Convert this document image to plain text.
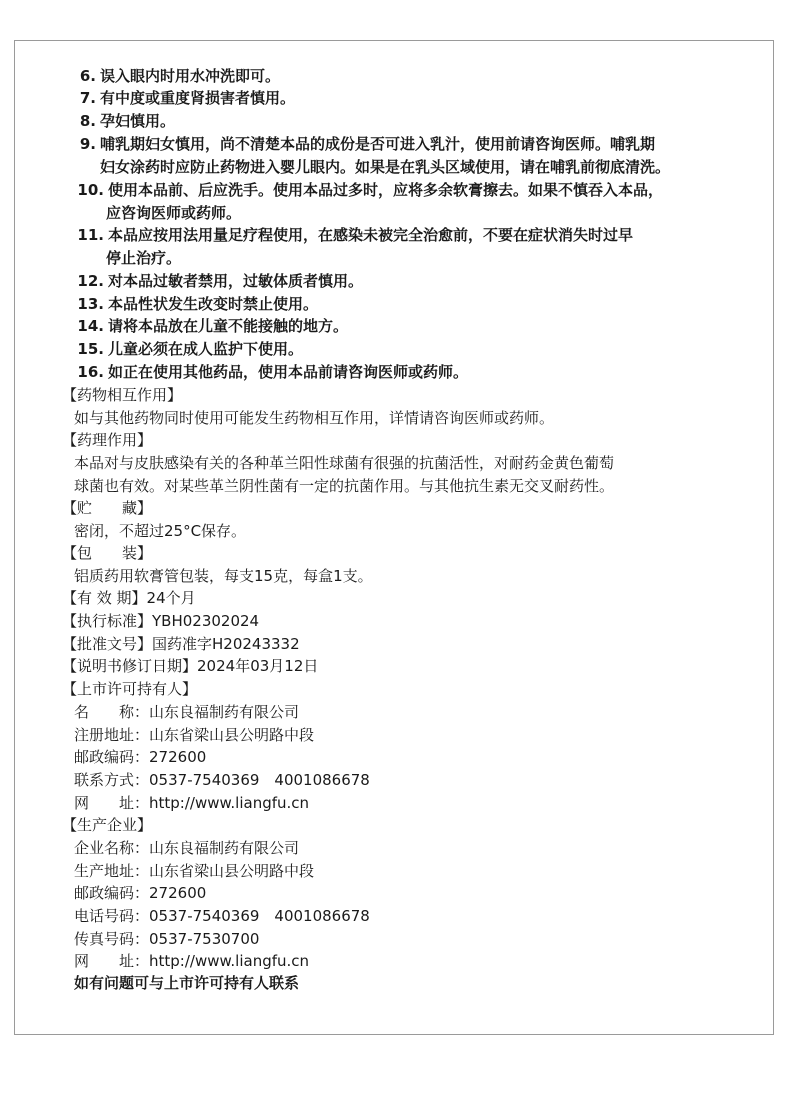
6. 误入眼内时用水冲洗即可。
7. 有中度或重度肾损害者慎用。
8. 孕妇慎用。
9. 哺乳期妇女慎用，尚不清楚本品的成份是否可进入乳汁，使用前请咨询医师。哺乳期
妇女涂药时应防止药物进入婴儿眼内。如果是在乳头区域使用，请在哺乳前彻底清洗。
10. 使用本品前、后应洗手。使用本品过多时，应将多余软膏擦去。如果不慎吞入本品，
应咨询医师或药师。
11. 本品应按用法用量足疗程使用，在感染未被完全治愈前，不要在症状消失时过早
停止治疗。
12. 对本品过敏者禁用，过敏体质者慎用。
13. 本品性状发生改变时禁止使用。
14. 请将本品放在儿童不能接触的地方。
15. 儿童必须在成人监护下使用。
16. 如正在使用其他药品，使用本品前请咨询医师或药师。
【药物相互作用】
如与其他药物同时使用可能发生药物相互作用，详情请咨询医师或药师。
【药理作用】
本品对与皮肤感染有关的各种革兰阳性球菌有很强的抗菌活性，对耐药金黄色葡萄
球菌也有效。对某些革兰阴性菌有一定的抗菌作用。与其他抗生素无交叉耐药性。
【贮　　藏】
密闭，不超过25°C保存。
【包　　装】
铝质药用软膏管包装，每支15克，每盒1支。
【有 效 期】24个月
【执行标准】YBH02302024
【批准文号】国药准字H20243332
【说明书修订日期】2024年03月12日
【上市许可持有人】
名　　称：山东良福制药有限公司
注册地址：山东省梁山县公明路中段
邮政编码：272600
联系方式：0537-7540369　4001086678
网　　址：http://www.liangfu.cn
【生产企业】
企业名称：山东良福制药有限公司
生产地址：山东省梁山县公明路中段
邮政编码：272600
电话号码：0537-7540369　4001086678
传真号码：0537-7530700
网　　址：http://www.liangfu.cn
如有问题可与上市许可持有人联系
